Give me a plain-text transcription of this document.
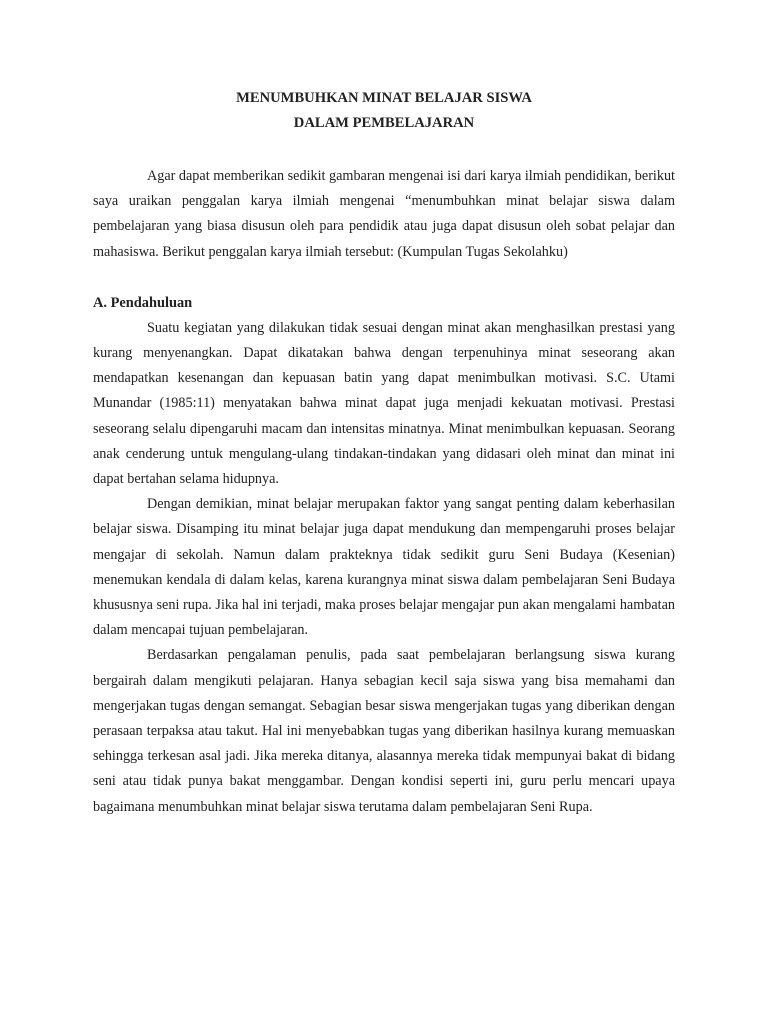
MENUMBUHKAN MINAT BELAJAR SISWA
DALAM PEMBELAJARAN

Agar dapat memberikan sedikit gambaran mengenai isi dari karya ilmiah pendidikan, berikut saya uraikan penggalan karya ilmiah mengenai “menumbuhkan minat belajar siswa dalam pembelajaran yang biasa disusun oleh para pendidik atau juga dapat disusun oleh sobat pelajar dan mahasiswa. Berikut penggalan karya ilmiah tersebut: (Kumpulan Tugas Sekolahku)

A. Pendahuluan

Suatu kegiatan yang dilakukan tidak sesuai dengan minat akan menghasilkan prestasi yang kurang menyenangkan. Dapat dikatakan bahwa dengan terpenuhinya minat seseorang akan mendapatkan kesenangan dan kepuasan batin yang dapat menimbulkan motivasi. S.C. Utami Munandar (1985:11) menyatakan bahwa minat dapat juga menjadi kekuatan motivasi. Prestasi seseorang selalu dipengaruhi macam dan intensitas minatnya. Minat menimbulkan kepuasan. Seorang anak cenderung untuk mengulang-ulang tindakan-tindakan yang didasari oleh minat dan minat ini dapat bertahan selama hidupnya.

Dengan demikian, minat belajar merupakan faktor yang sangat penting dalam keberhasilan belajar siswa. Disamping itu minat belajar juga dapat mendukung dan mempengaruhi proses belajar mengajar di sekolah. Namun dalam prakteknya tidak sedikit guru Seni Budaya (Kesenian) menemukan kendala di dalam kelas, karena kurangnya minat siswa dalam pembelajaran Seni Budaya khususnya seni rupa. Jika hal ini terjadi, maka proses belajar mengajar pun akan mengalami hambatan dalam mencapai tujuan pembelajaran.

Berdasarkan pengalaman penulis, pada saat pembelajaran berlangsung siswa kurang bergairah dalam mengikuti pelajaran. Hanya sebagian kecil saja siswa yang bisa memahami dan mengerjakan tugas dengan semangat. Sebagian besar siswa mengerjakan tugas yang diberikan dengan perasaan terpaksa atau takut. Hal ini menyebabkan tugas yang diberikan hasilnya kurang memuaskan sehingga terkesan asal jadi. Jika mereka ditanya, alasannya mereka tidak mempunyai bakat di bidang seni atau tidak punya bakat menggambar. Dengan kondisi seperti ini, guru perlu mencari upaya bagaimana menumbuhkan minat belajar siswa terutama dalam pembelajaran Seni Rupa.
